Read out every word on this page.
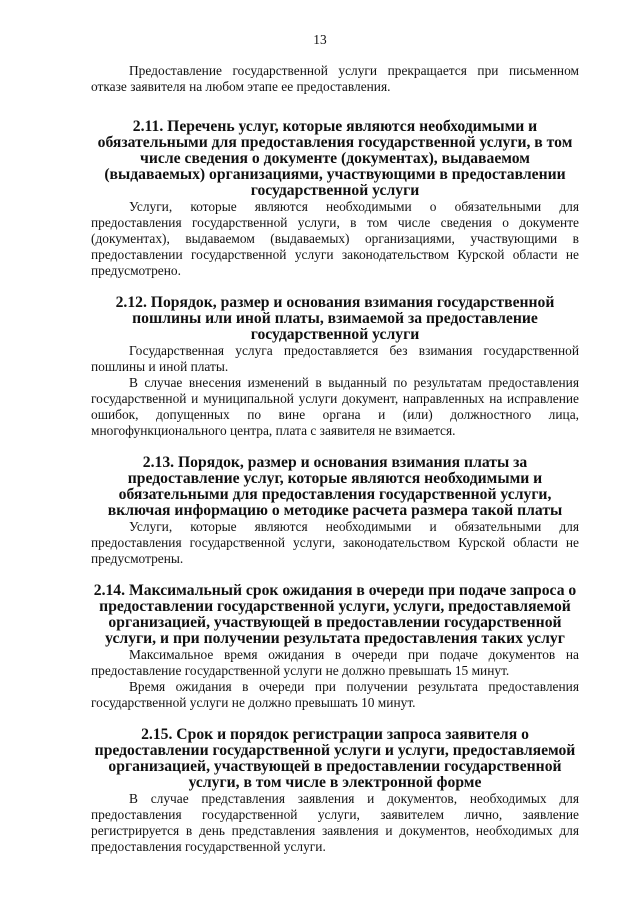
13

Предоставление государственной услуги прекращается при письменном отказе заявителя на любом этапе ее предоставления.

2.11. Перечень услуг, которые являются необходимыми и обязательными для предоставления государственной услуги, в том числе сведения о документе (документах), выдаваемом (выдаваемых) организациями, участвующими в предоставлении государственной услуги

Услуги, которые являются необходимыми о обязательными для предоставления государственной услуги, в том числе сведения о документе (документах), выдаваемом (выдаваемых) организациями, участвующими в предоставлении государственной услуги законодательством Курской области не предусмотрено.

2.12. Порядок, размер и основания взимания государственной пошлины или иной платы, взимаемой за предоставление государственной услуги

Государственная услуга предоставляется без взимания государственной пошлины и иной платы.

В случае внесения изменений в выданный по результатам предоставления государственной и муниципальной услуги документ, направленных на исправление ошибок, допущенных по вине органа и (или) должностного лица, многофункционального центра, плата с заявителя не взимается.

2.13. Порядок, размер и основания взимания платы за предоставление услуг, которые являются необходимыми и обязательными для предоставления государственной услуги, включая информацию о методике расчета размера такой платы

Услуги, которые являются необходимыми и обязательными для предоставления государственной услуги, законодательством Курской области не предусмотрены.

2.14. Максимальный срок ожидания в очереди при подаче запроса о предоставлении государственной услуги, услуги, предоставляемой организацией, участвующей в предоставлении государственной услуги, и при получении результата предоставления таких услуг

Максимальное время ожидания в очереди при подаче документов на предоставление государственной услуги не должно превышать 15 минут.

Время ожидания в очереди при получении результата предоставления государственной услуги не должно превышать 10 минут.

2.15. Срок и порядок регистрации запроса заявителя о предоставлении государственной услуги и услуги, предоставляемой организацией, участвующей в предоставлении государственной услуги, в том числе в электронной форме

В случае представления заявления и документов, необходимых для предоставления государственной услуги, заявителем лично, заявление регистрируется в день представления заявления и документов, необходимых для предоставления государственной услуги.
